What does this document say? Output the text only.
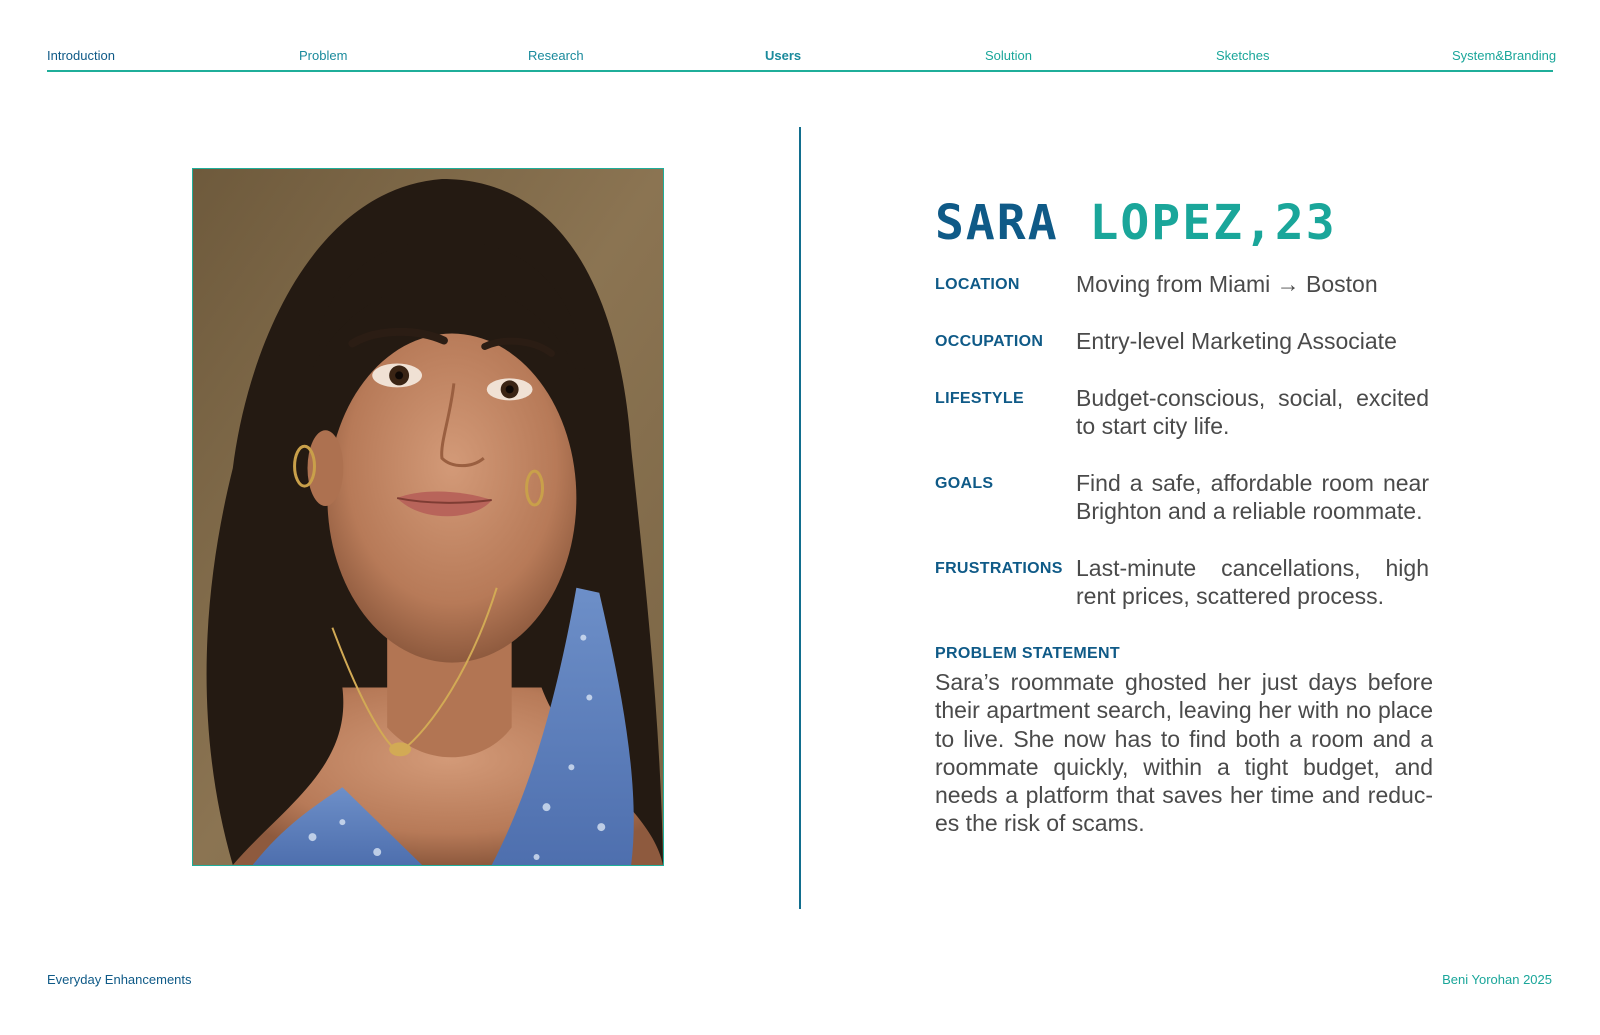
Introduction	Problem	Research	Users	Solution	Sketches	System&Branding
SARA LOPEZ,23
LOCATION Moving from Miami → Boston
OCCUPATION Entry-level Marketing Associate
LIFESTYLE Budget-conscious, social, excited to start city life.
GOALS	Find a safe, affordable room near Brighton and a reliable roommate.
FRUSTRATIONS Last-minute cancellations, high rent prices, scattered process.
PROBLEM STATEMENT
Sara’s roommate ghosted her just days before their apartment search, leaving her with no place to live. She now has to find both a room and a roommate quickly, within a tight budget, and needs a platform that saves her time and reduces the risk of scams.
Everyday Enhancements	Beni Yorohan 2025
